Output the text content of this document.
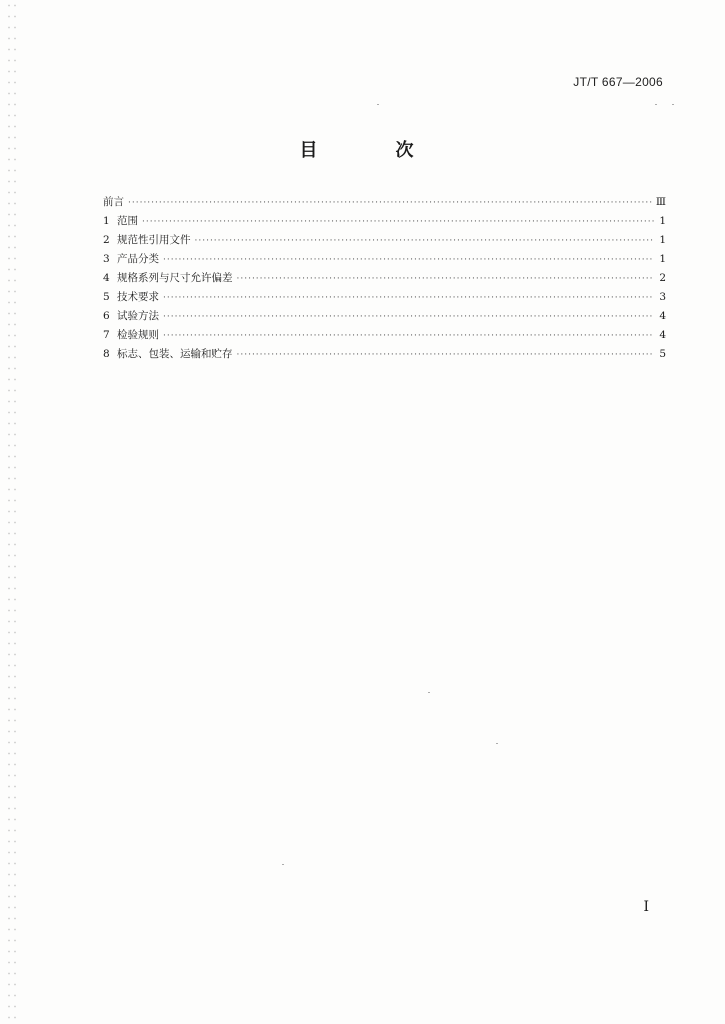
JT/T 667—2006
目　次
前言 ·····	Ⅲ
1 范围 ·····	1
2 规范性引用文件 ·····	1
3 产品分类 ·····	1
4 规格系列与尺寸允许偏差 ·····	2
5 技术要求 ·····	3
6 试验方法 ·····	4
7 检验规则 ·····	4
8 标志、包装、运输和贮存 ·····	5
Ⅰ
